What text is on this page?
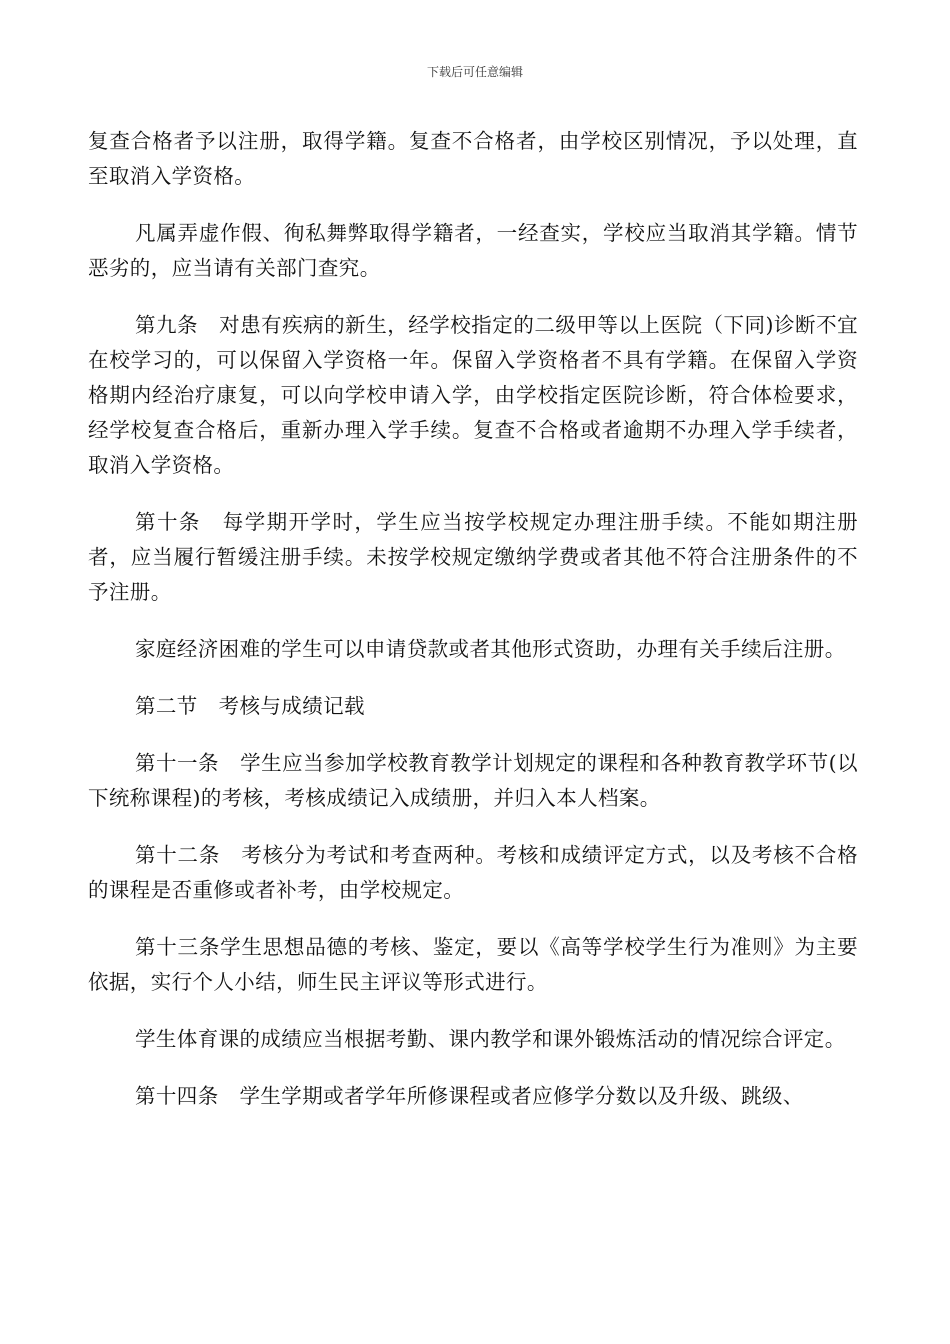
下载后可任意编辑

复查合格者予以注册，取得学籍。复查不合格者，由学校区别情况，予以处理，直至取消入学资格。

凡属弄虚作假、徇私舞弊取得学籍者，一经查实，学校应当取消其学籍。情节恶劣的，应当请有关部门查究。

第九条　对患有疾病的新生，经学校指定的二级甲等以上医院（下同)诊断不宜在校学习的，可以保留入学资格一年。保留入学资格者不具有学籍。在保留入学资格期内经治疗康复，可以向学校申请入学，由学校指定医院诊断，符合体检要求，经学校复查合格后，重新办理入学手续。复查不合格或者逾期不办理入学手续者，取消入学资格。

第十条　每学期开学时，学生应当按学校规定办理注册手续。不能如期注册者，应当履行暂缓注册手续。未按学校规定缴纳学费或者其他不符合注册条件的不予注册。

家庭经济困难的学生可以申请贷款或者其他形式资助，办理有关手续后注册。

第二节　考核与成绩记载

第十一条　学生应当参加学校教育教学计划规定的课程和各种教育教学环节(以下统称课程)的考核，考核成绩记入成绩册，并归入本人档案。

第十二条　考核分为考试和考查两种。考核和成绩评定方式，以及考核不合格的课程是否重修或者补考，由学校规定。

第十三条学生思想品德的考核、鉴定，要以《高等学校学生行为准则》为主要依据，实行个人小结，师生民主评议等形式进行。

学生体育课的成绩应当根据考勤、课内教学和课外锻炼活动的情况综合评定。

第十四条　学生学期或者学年所修课程或者应修学分数以及升级、跳级、
